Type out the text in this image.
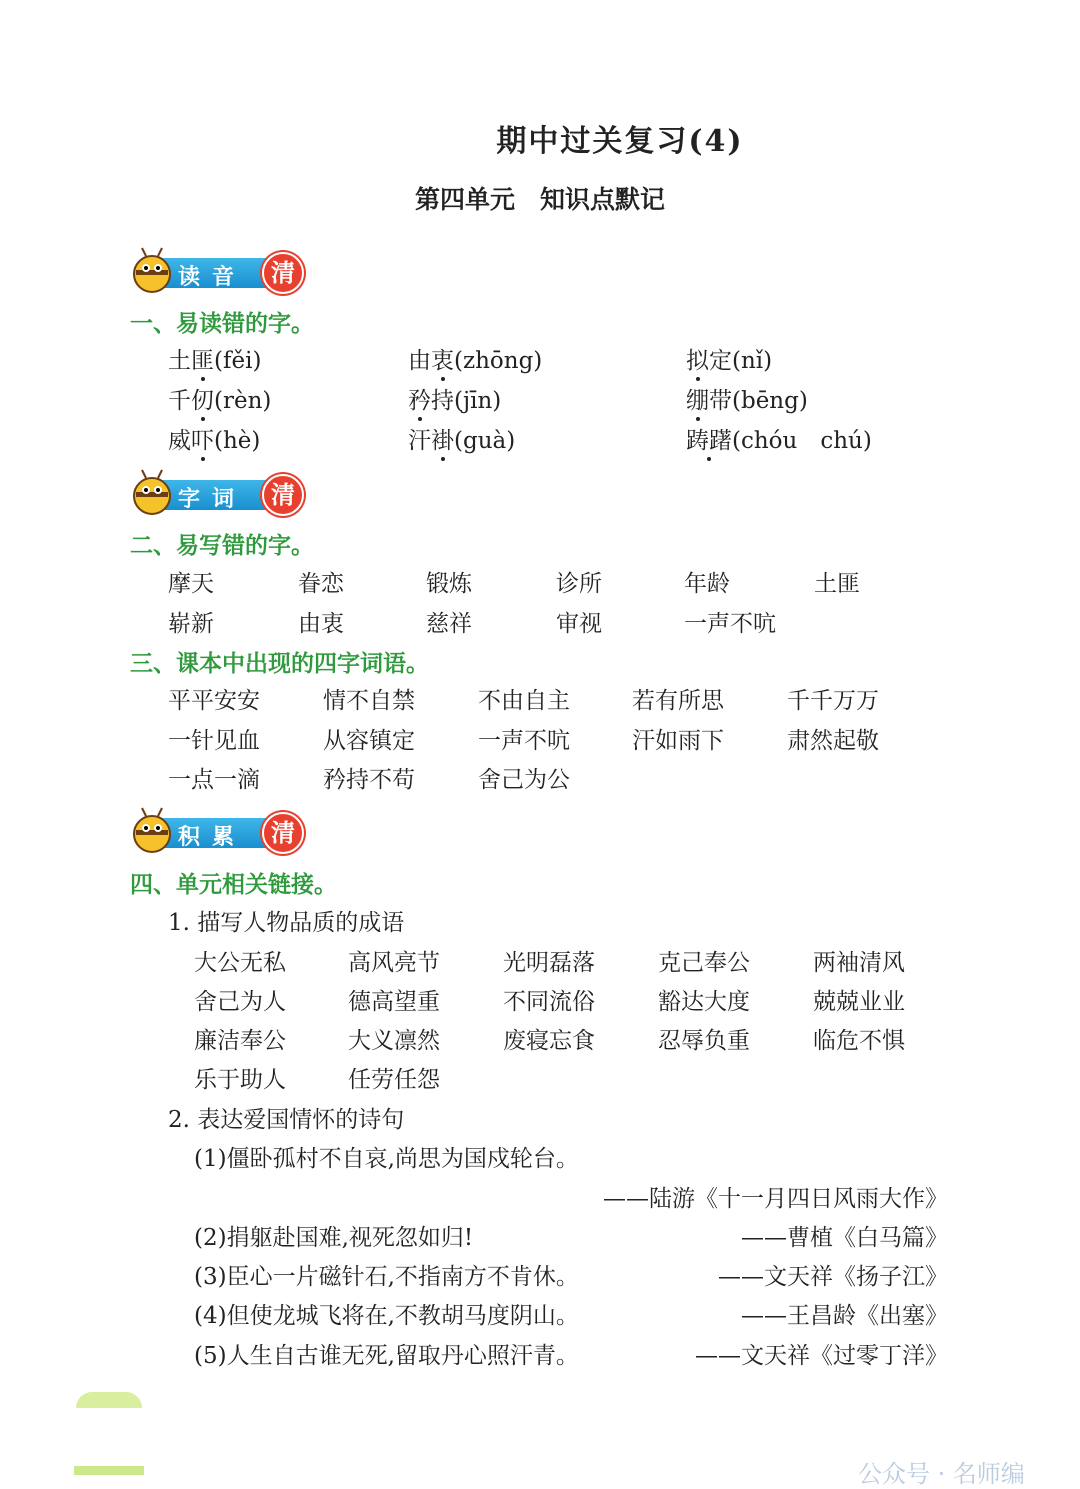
期中过关复习(4)
第四单元　知识点默记
读音	清
一、易读错的字。
土匪(fěi)	由衷(zhōng)	拟定(nǐ)
千仞(rèn)	矜持(jīn)	绷带(bēng)
威吓(hè)	汗褂(guà)	踌躇(chóu　chú)
字词	清
二、易写错的字。
摩天	眷恋	锻炼	诊所	年龄	土匪
崭新	由衷	慈祥	审视	一声不吭
三、课本中出现的四字词语。
平平安安	情不自禁	不由自主	若有所思	千千万万
一针见血	从容镇定	一声不吭	汗如雨下	肃然起敬
一点一滴	矜持不苟	舍己为公
积累	清
四、单元相关链接。
1. 描写人物品质的成语
大公无私	高风亮节	光明磊落	克己奉公	两袖清风
舍己为人	德高望重	不同流俗	豁达大度	兢兢业业
廉洁奉公	大义凛然	废寝忘食	忍辱负重	临危不惧
乐于助人	任劳任怨
2. 表达爱国情怀的诗句
(1)僵卧孤村不自哀,尚思为国戍轮台。
——陆游《十一月四日风雨大作》
(2)捐躯赴国难,视死忽如归!	——曹植《白马篇》
(3)臣心一片磁针石,不指南方不肯休。	——文天祥《扬子江》
(4)但使龙城飞将在,不教胡马度阴山。	——王昌龄《出塞》
(5)人生自古谁无死,留取丹心照汗青。	——文天祥《过零丁洋》
公众号 · 名师编
